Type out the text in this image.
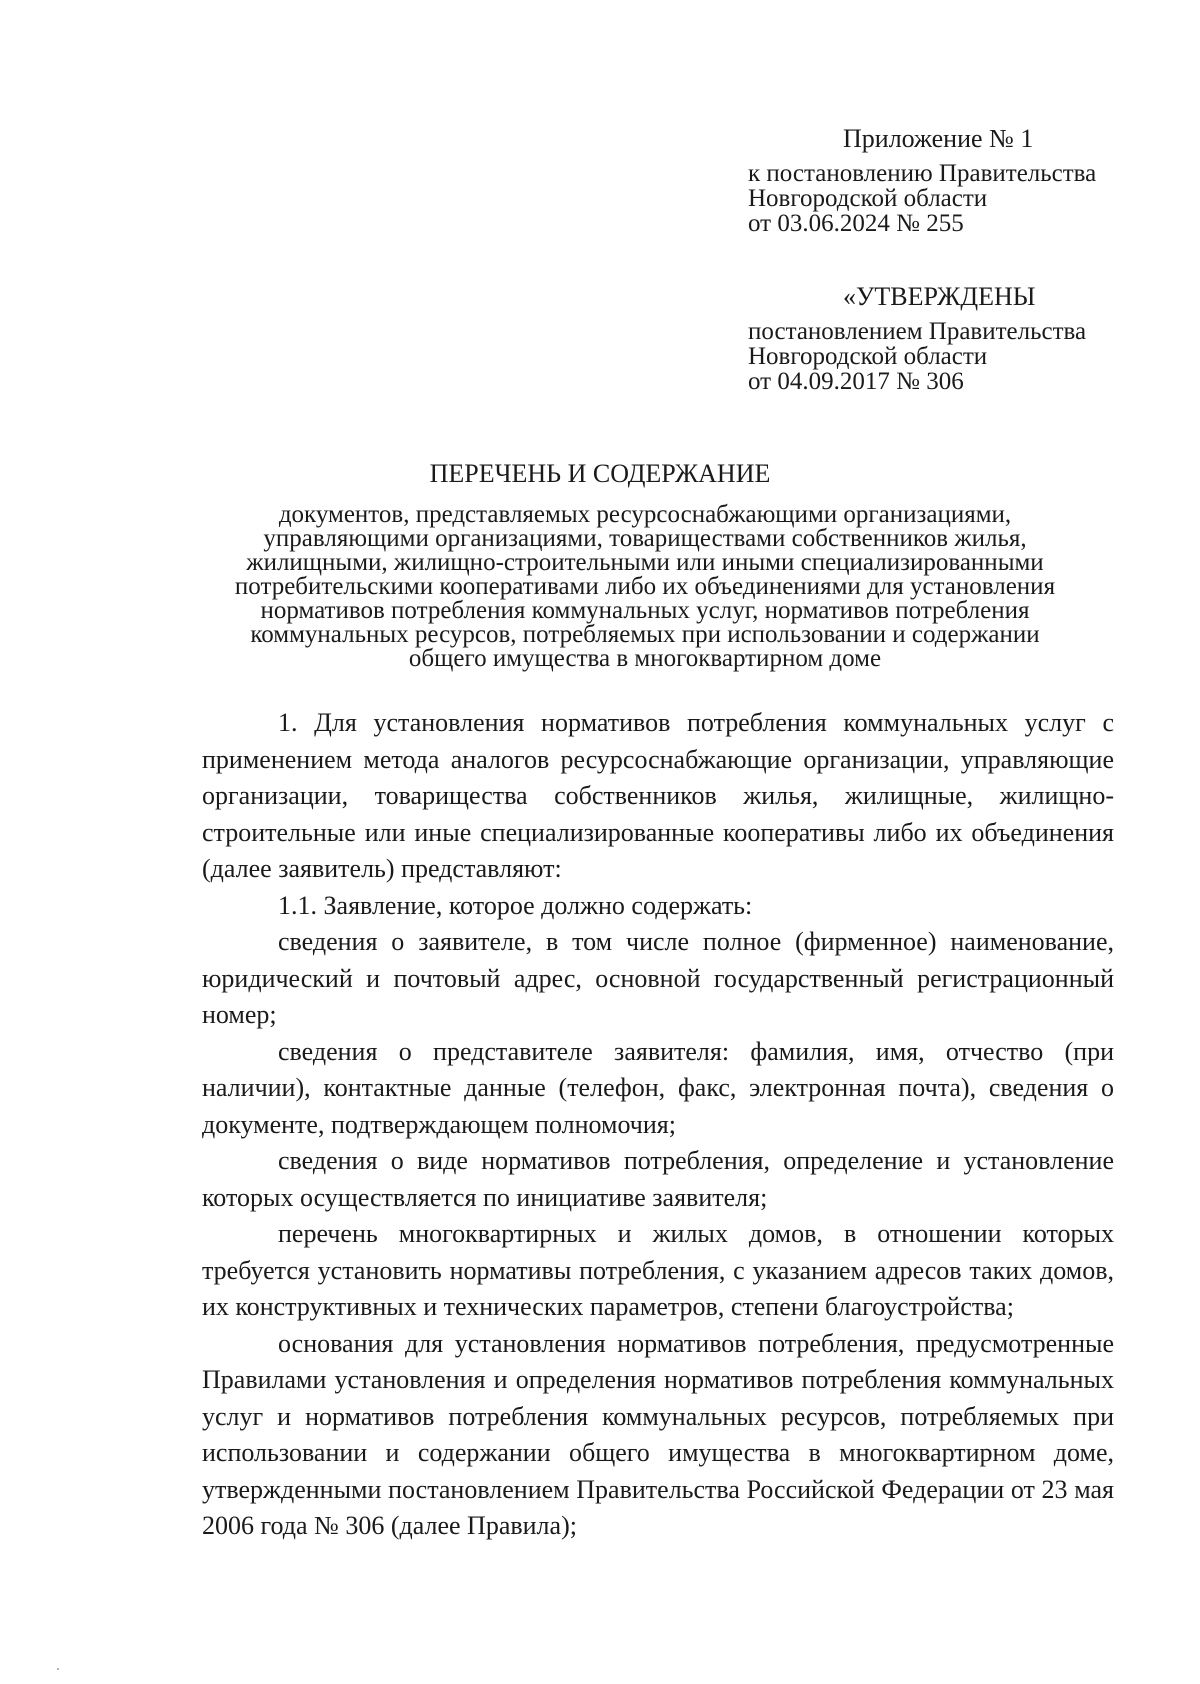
Приложение № 1
к постановлению Правительства
Новгородской области
от 03.06.2024 № 255
«УТВЕРЖДЕНЫ
постановлением Правительства
Новгородской области
от 04.09.2017 № 306
ПЕРЕЧЕНЬ И СОДЕРЖАНИЕ
документов, представляемых ресурсоснабжающими организациями,
управляющими организациями, товариществами собственников жилья,
жилищными, жилищно-строительными или иными специализированными
потребительскими кооперативами либо их объединениями для установления
нормативов потребления коммунальных услуг, нормативов потребления
коммунальных ресурсов, потребляемых при использовании и содержании
общего имущества в многоквартирном доме

1. Для установления нормативов потребления коммунальных услуг с применением метода аналогов ресурсоснабжающие организации, управляющие организации, товарищества собственников жилья, жилищные, жилищно-строительные или иные специализированные кооперативы либо их объединения (далее заявитель) представляют:

1.1. Заявление, которое должно содержать:

сведения о заявителе, в том числе полное (фирменное) наименование, юридический и почтовый адрес, основной государственный регистрационный номер;

сведения о представителе заявителя: фамилия, имя, отчество (при наличии), контактные данные (телефон, факс, электронная почта), сведения о документе, подтверждающем полномочия;

сведения о виде нормативов потребления, определение и установление которых осуществляется по инициативе заявителя;

перечень многоквартирных и жилых домов, в отношении которых требуется установить нормативы потребления, с указанием адресов таких домов, их конструктивных и технических параметров, степени благоустройства;

основания для установления нормативов потребления, предусмотренные Правилами установления и определения нормативов потребления коммунальных услуг и нормативов потребления коммунальных ресурсов, потребляемых при использовании и содержании общего имущества в многоквартирном доме, утвержденными постановлением Правительства Российской Федерации от 23 мая 2006 года № 306 (далее Правила);
